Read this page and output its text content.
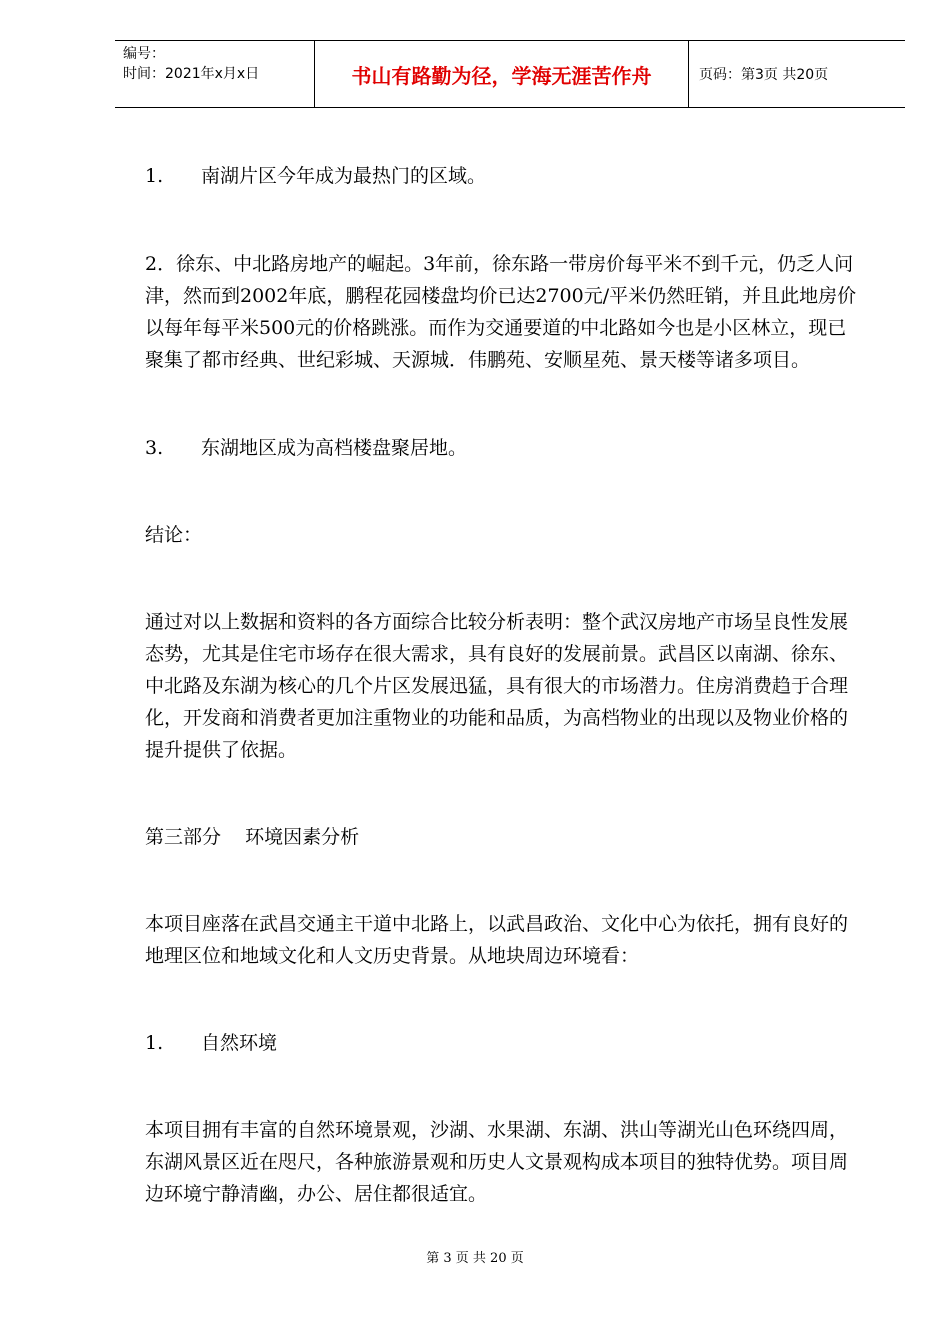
编号：
时间：2021年x月x日	书山有路勤为径，学海无涯苦作舟	页码：第3页 共20页

1. 南湖片区今年成为最热门的区域。

2．徐东、中北路房地产的崛起。3年前，徐东路一带房价每平米不到千元，仍乏人问津，然而到2002年底，鹏程花园楼盘均价已达2700元/平米仍然旺销，并且此地房价以每年每平米500元的价格跳涨。而作为交通要道的中北路如今也是小区林立，现已聚集了都市经典、世纪彩城、天源城．伟鹏苑、安顺星苑、景天楼等诸多项目。

3. 东湖地区成为高档楼盘聚居地。

结论：

通过对以上数据和资料的各方面综合比较分析表明：整个武汉房地产市场呈良性发展态势，尤其是住宅市场存在很大需求，具有良好的发展前景。武昌区以南湖、徐东、中北路及东湖为核心的几个片区发展迅猛，具有很大的市场潜力。住房消费趋于合理化，开发商和消费者更加注重物业的功能和品质，为高档物业的出现以及物业价格的提升提供了依据。

第三部分    环境因素分析

本项目座落在武昌交通主干道中北路上，以武昌政治、文化中心为依托，拥有良好的地理区位和地域文化和人文历史背景。从地块周边环境看：

1. 自然环境

本项目拥有丰富的自然环境景观，沙湖、水果湖、东湖、洪山等湖光山色环绕四周，东湖风景区近在咫尺，各种旅游景观和历史人文景观构成本项目的独特优势。项目周边环境宁静清幽，办公、居住都很适宜。

第 3 页 共 20 页
